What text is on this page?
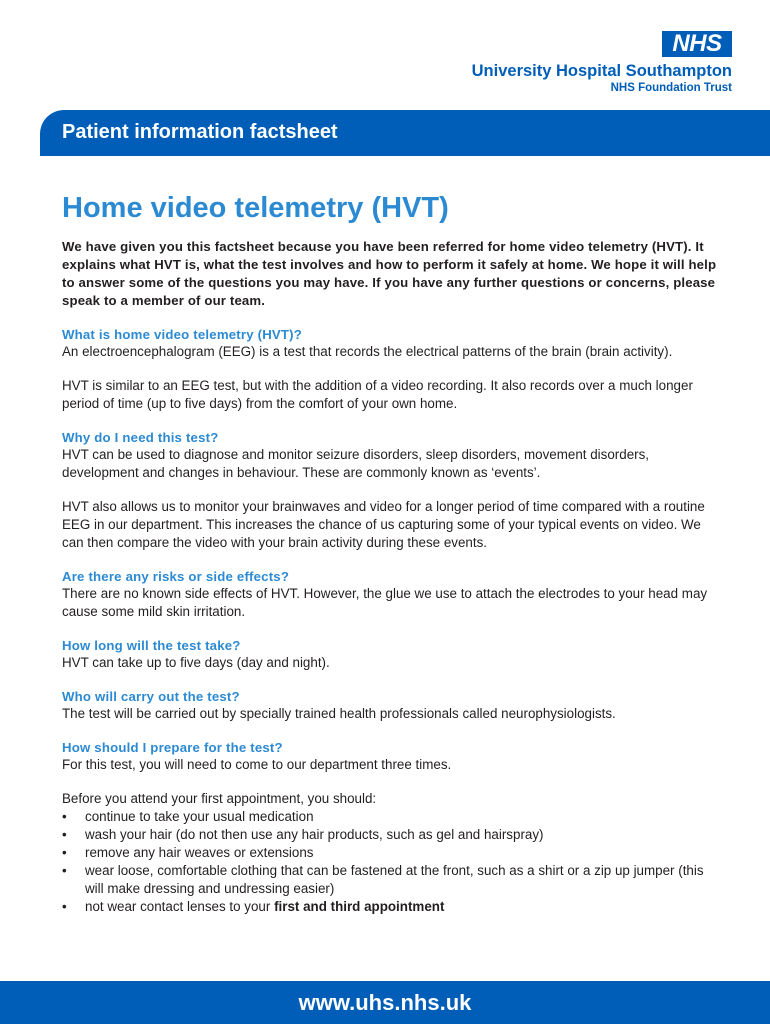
NHS
University Hospital Southampton
NHS Foundation Trust
Patient information factsheet
Home video telemetry (HVT)

We have given you this factsheet because you have been referred for home video telemetry (HVT). It explains what HVT is, what the test involves and how to perform it safely at home. We hope it will help to answer some of the questions you may have. If you have any further questions or concerns, please speak to a member of our team.

What is home video telemetry (HVT)?

An electroencephalogram (EEG) is a test that records the electrical patterns of the brain (brain activity).

HVT is similar to an EEG test, but with the addition of a video recording. It also records over a much longer period of time (up to five days) from the comfort of your own home.

Why do I need this test?

HVT can be used to diagnose and monitor seizure disorders, sleep disorders, movement disorders, development and changes in behaviour. These are commonly known as ‘events’.

HVT also allows us to monitor your brainwaves and video for a longer period of time compared with a routine EEG in our department. This increases the chance of us capturing some of your typical events on video. We can then compare the video with your brain activity during these events.

Are there any risks or side effects?

There are no known side effects of HVT. However, the glue we use to attach the electrodes to your head may cause some mild skin irritation.

How long will the test take?

HVT can take up to five days (day and night).

Who will carry out the test?

The test will be carried out by specially trained health professionals called neurophysiologists.

How should I prepare for the test?

For this test, you will need to come to our department three times.

Before you attend your first appointment, you should:

• continue to take your usual medication
• wash your hair (do not then use any hair products, such as gel and hairspray)
• remove any hair weaves or extensions
• wear loose, comfortable clothing that can be fastened at the front, such as a shirt or a zip up jumper (this will make dressing and undressing easier)
• not wear contact lenses to your first and third appointment
www.uhs.nhs.uk
